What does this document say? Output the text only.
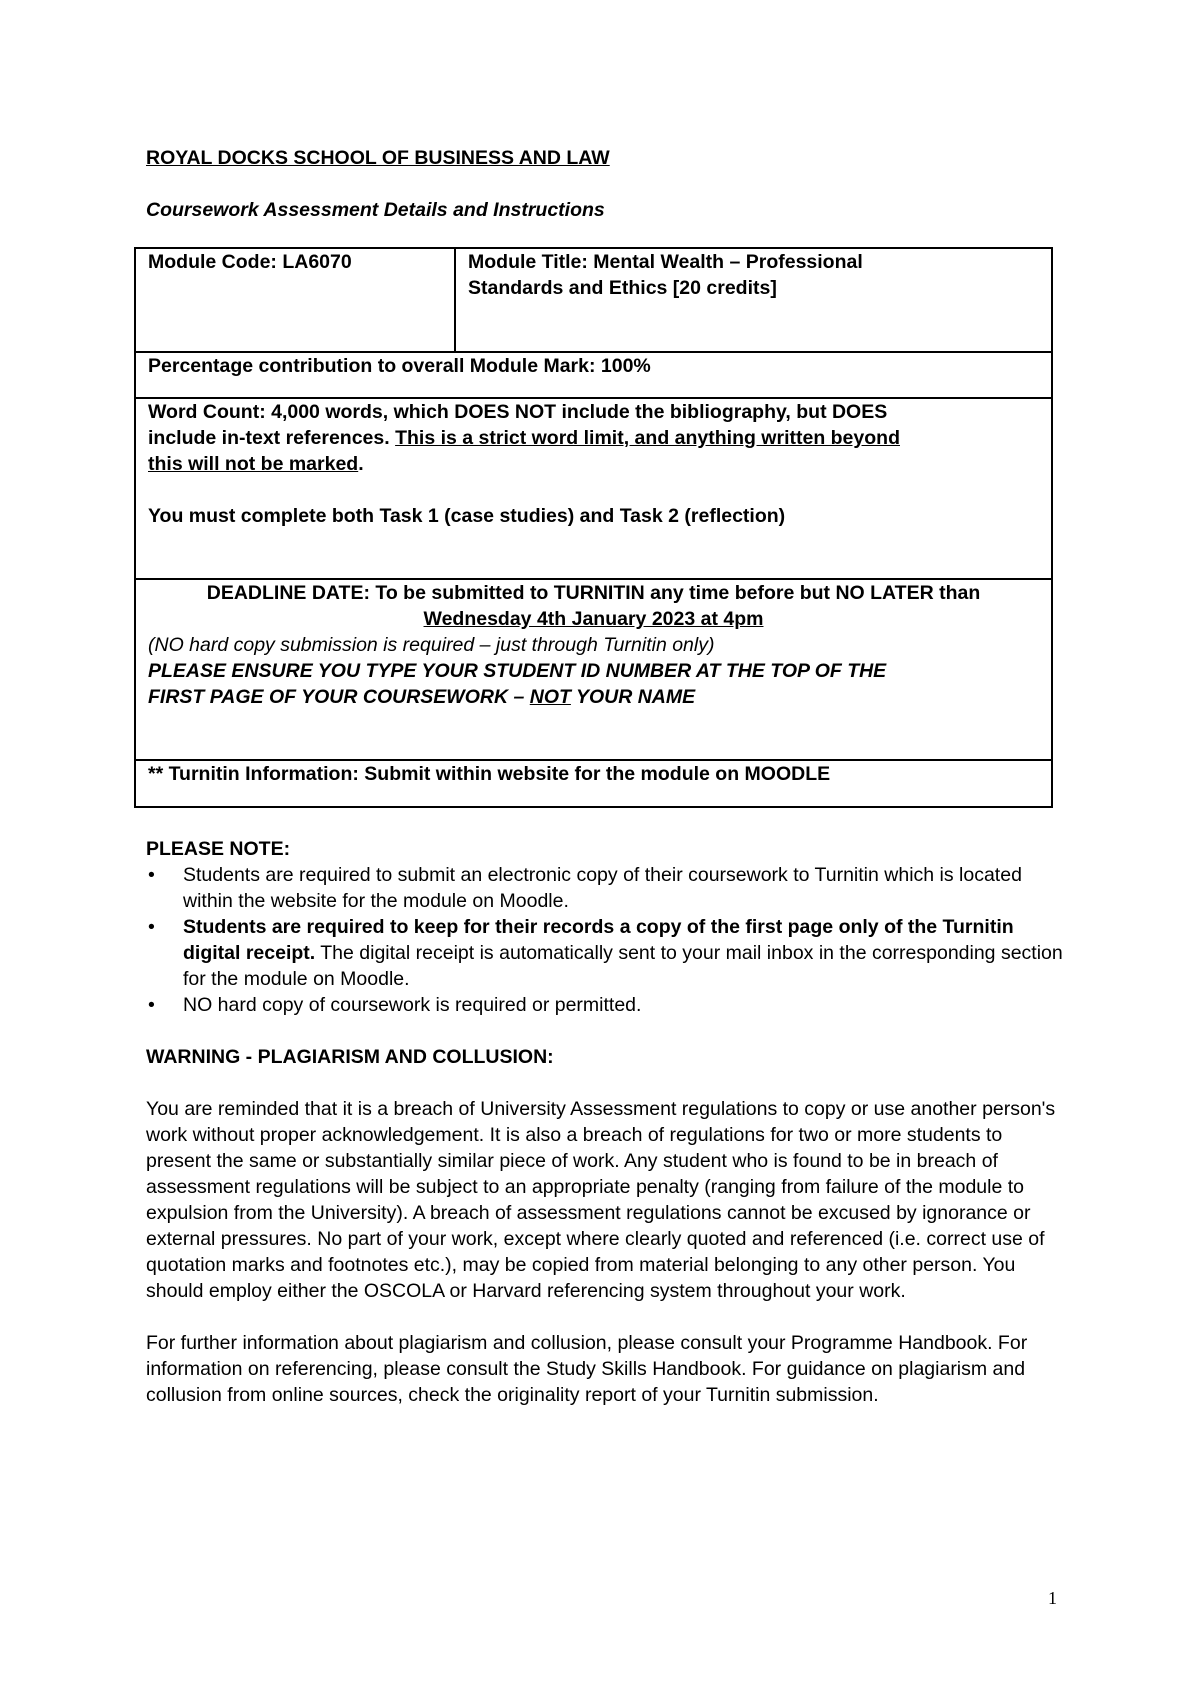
ROYAL DOCKS SCHOOL OF BUSINESS AND LAW
Coursework Assessment Details and Instructions
Module Code: LA6070	Module Title: Mental Wealth – Professional

Standards and Ethics [20 credits]

Percentage contribution to overall Module Mark: 100%

Word Count: 4,000 words, which DOES NOT include the bibliography, but DOES

include in-text references. This is a strict word limit, and anything written beyond

this will not be marked.

You must complete both Task 1 (case studies) and Task 2 (reflection)

DEADLINE DATE: To be submitted to TURNITIN any time before but NO LATER than

Wednesday 4th January 2023 at 4pm

(NO hard copy submission is required – just through Turnitin only)

PLEASE ENSURE YOU TYPE YOUR STUDENT ID NUMBER AT THE TOP OF THE

FIRST PAGE OF YOUR COURSEWORK – NOT YOUR NAME

** Turnitin Information: Submit within website for the module on MOODLE

PLEASE NOTE:

• Students are required to submit an electronic copy of their coursework to Turnitin which is located within the website for the module on Moodle.
• Students are required to keep for their records a copy of the first page only of the Turnitin digital receipt. The digital receipt is automatically sent to your mail inbox in the corresponding section for the module on Moodle.
• NO hard copy of coursework is required or permitted.

WARNING - PLAGIARISM AND COLLUSION:

You are reminded that it is a breach of University Assessment regulations to copy or use another person's work without proper acknowledgement. It is also a breach of regulations for two or more students to present the same or substantially similar piece of work. Any student who is found to be in breach of assessment regulations will be subject to an appropriate penalty (ranging from failure of the module to expulsion from the University). A breach of assessment regulations cannot be excused by ignorance or external pressures. No part of your work, except where clearly quoted and referenced (i.e. correct use of quotation marks and footnotes etc.), may be copied from material belonging to any other person. You should employ either the OSCOLA or Harvard referencing system throughout your work.

For further information about plagiarism and collusion, please consult your Programme Handbook. For information on referencing, please consult the Study Skills Handbook. For guidance on plagiarism and collusion from online sources, check the originality report of your Turnitin submission.

1
